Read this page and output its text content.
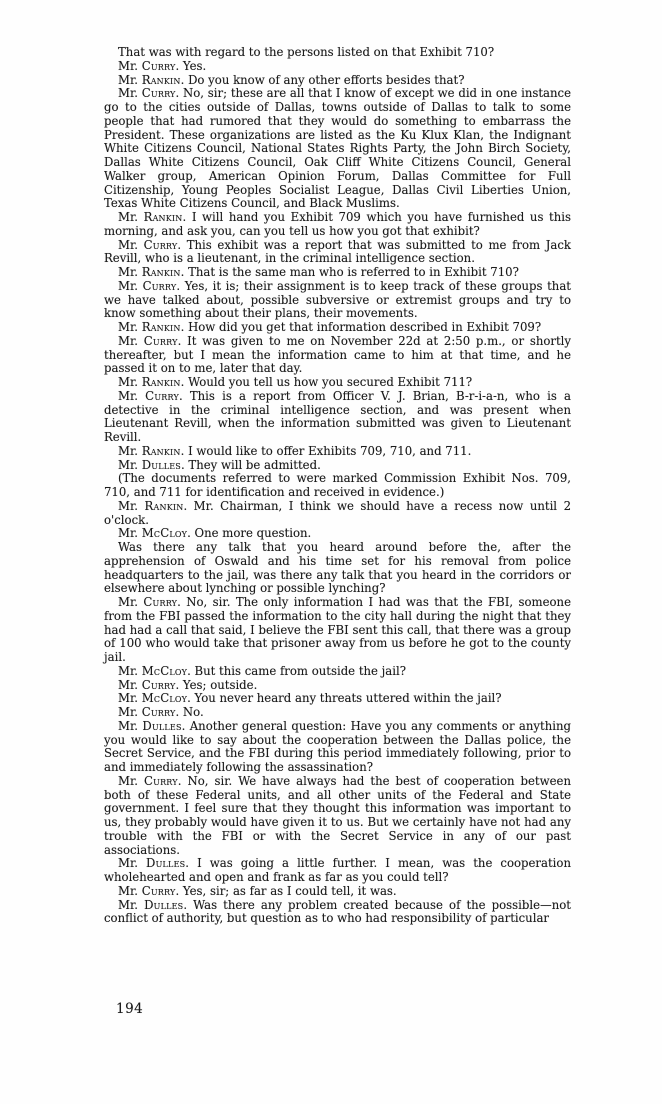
That was with regard to the persons listed on that Exhibit 710?

Mr. Curry. Yes.

Mr. Rankin. Do you know of any other efforts besides that?

Mr. Curry. No, sir; these are all that I know of except we did in one instance go to the cities outside of Dallas, towns outside of Dallas to talk to some people that had rumored that they would do something to embarrass the President. These organizations are listed as the Ku Klux Klan, the Indignant White Citizens Council, National States Rights Party, the John Birch Society, Dallas White Citizens Council, Oak Cliff White Citizens Council, General Walker group, American Opinion Forum, Dallas Committee for Full Citizenship, Young Peoples Socialist League, Dallas Civil Liberties Union, Texas White Citizens Council, and Black Muslims.

Mr. Rankin. I will hand you Exhibit 709 which you have furnished us this morning, and ask you, can you tell us how you got that exhibit?

Mr. Curry. This exhibit was a report that was submitted to me from Jack Revill, who is a lieutenant, in the criminal intelligence section.

Mr. Rankin. That is the same man who is referred to in Exhibit 710?

Mr. Curry. Yes, it is; their assignment is to keep track of these groups that we have talked about, possible subversive or extremist groups and try to know something about their plans, their movements.

Mr. Rankin. How did you get that information described in Exhibit 709?

Mr. Curry. It was given to me on November 22d at 2:50 p.m., or shortly thereafter, but I mean the information came to him at that time, and he passed it on to me, later that day.

Mr. Rankin. Would you tell us how you secured Exhibit 711?

Mr. Curry. This is a report from Officer V. J. Brian, B-r-i-a-n, who is a detective in the criminal intelligence section, and was present when Lieutenant Revill, when the information submitted was given to Lieutenant Revill.

Mr. Rankin. I would like to offer Exhibits 709, 710, and 711.

Mr. Dulles. They will be admitted.

(The documents referred to were marked Commission Exhibit Nos. 709, 710, and 711 for identification and received in evidence.)

Mr. Rankin. Mr. Chairman, I think we should have a recess now until 2 o'clock.

Mr. McCloy. One more question.

Was there any talk that you heard around before the, after the apprehension of Oswald and his time set for his removal from police headquarters to the jail, was there any talk that you heard in the corridors or elsewhere about lynching or possible lynching?

Mr. Curry. No, sir. The only information I had was that the FBI, someone from the FBI passed the information to the city hall during the night that they had had a call that said, I believe the FBI sent this call, that there was a group of 100 who would take that prisoner away from us before he got to the county jail.

Mr. McCloy. But this came from outside the jail?

Mr. Curry. Yes; outside.

Mr. McCloy. You never heard any threats uttered within the jail?

Mr. Curry. No.

Mr. Dulles. Another general question: Have you any comments or anything you would like to say about the cooperation between the Dallas police, the Secret Service, and the FBI during this period immediately following, prior to and immediately following the assassination?

Mr. Curry. No, sir. We have always had the best of cooperation between both of these Federal units, and all other units of the Federal and State government. I feel sure that they thought this information was important to us, they probably would have given it to us. But we certainly have not had any trouble with the FBI or with the Secret Service in any of our past associations.

Mr. Dulles. I was going a little further. I mean, was the cooperation wholehearted and open and frank as far as you could tell?

Mr. Curry. Yes, sir; as far as I could tell, it was.

Mr. Dulles. Was there any problem created because of the possible—not conflict of authority, but question as to who had responsibility of particular

194
